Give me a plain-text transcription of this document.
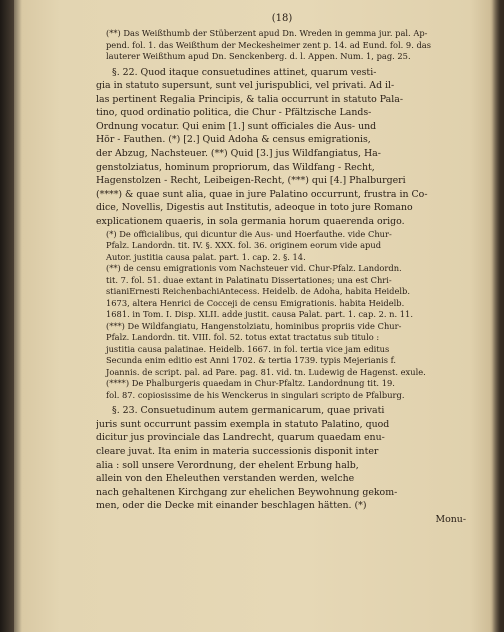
(18)
(**) Das Weißthumb der Stüberzent apud Dn. Wreden in gemma jur. pal. Ap-
pend. fol. 1. das Weißthum der Meckesheimer zent p. 14. ad Eund. fol. 9. das
lauterer Weißthum apud Dn. Senckenberg. d. l. Appen. Num. 1, pag. 25.
§. 22. Quod itaque consuetudines attinet, quarum vesti-
gia in statuto supersunt, sunt vel jurispublici, vel privati. Ad il-
las pertinent Regalia Principis, & talia occurrunt in statuto Pala-
tino, quod ordinatio politica, die Chur - Pfältzische Lands-
Ordnung vocatur. Qui enim [1.] sunt officiales die Aus- und
Hör - Fauthen. (*) [2.] Quid Adoha & census emigrationis,
der Abzug, Nachsteuer. (**) Quid [3.] jus Wildfangiatus, Ha-
genstolziatus, hominum propriorum, das Wildfang - Recht,
Hagenstolzen - Recht, Leibeigen-Recht, (***) qui [4.] Phalburgeri
(****) & quae sunt alia, quae in jure Palatino occurrunt, frustra in Co-
dice, Novellis, Digestis aut Institutis, adeoque in toto jure Romano
explicationem quaeris, in sola germania horum quaerenda origo.
(*) De officialibus, qui dicuntur die Aus- und Hoerfauthe. vide Chur-
Pfalz. Landordn. tit. IV. §. XXX. fol. 36. originem eorum vide apud
Autor. justitia causa palat. part. 1. cap. 2. §. 14.
(**) de censu emigrationis vom Nachsteuer vid. Chur-Pfalz. Landordn.
tit. 7. fol. 51. duae extant in Palatinatu Dissertationes; una est Chri-
stianiErnesti ReichenbachiAntecess. Heidelb. de Adoha, habita Heidelb.
1673, altera Henrici de Cocceji de censu Emigrationis. habita Heidelb.
1681. in Tom. I. Disp. XLII. adde justit. causa Palat. part. 1. cap. 2. n. 11.
(***) De Wildfangiatu, Hangenstolziatu, hominibus propriis vide Chur-
Pfalz. Landordn. tit. VIII. fol. 52. totus extat tractatus sub titulo :
justitia causa palatinae. Heidelb. 1667. in fol. tertia vice jam editus
Secunda enim editio est Anni 1702. & tertia 1739. typis Mejerianis f.
Joannis. de script. pal. ad Pare. pag. 81. vid. tn. Ludewig de Hagenst. exule.
(****) De Phalburgeris quaedam in Chur-Pfaltz. Landordnung tit. 19.
fol. 87. copiosissime de his Wenckerus in singulari scripto de Pfalburg.
§. 23. Consuetudinum autem germanicarum, quae privati
juris sunt occurrunt passim exempla in statuto Palatino, quod
dicitur jus provinciale das Landrecht, quarum quaedam enu-
cleare juvat. Ita enim in materia successionis disponit inter
alia : soll unsere Verordnung, der ehelent Erbung halb,
allein von den Eheleuthen verstanden werden, welche
nach gehaltenen Kirchgang zur ehelichen Beywohnung gekom-
men, oder die Decke mit einander beschlagen hätten. (*)
Monu-
